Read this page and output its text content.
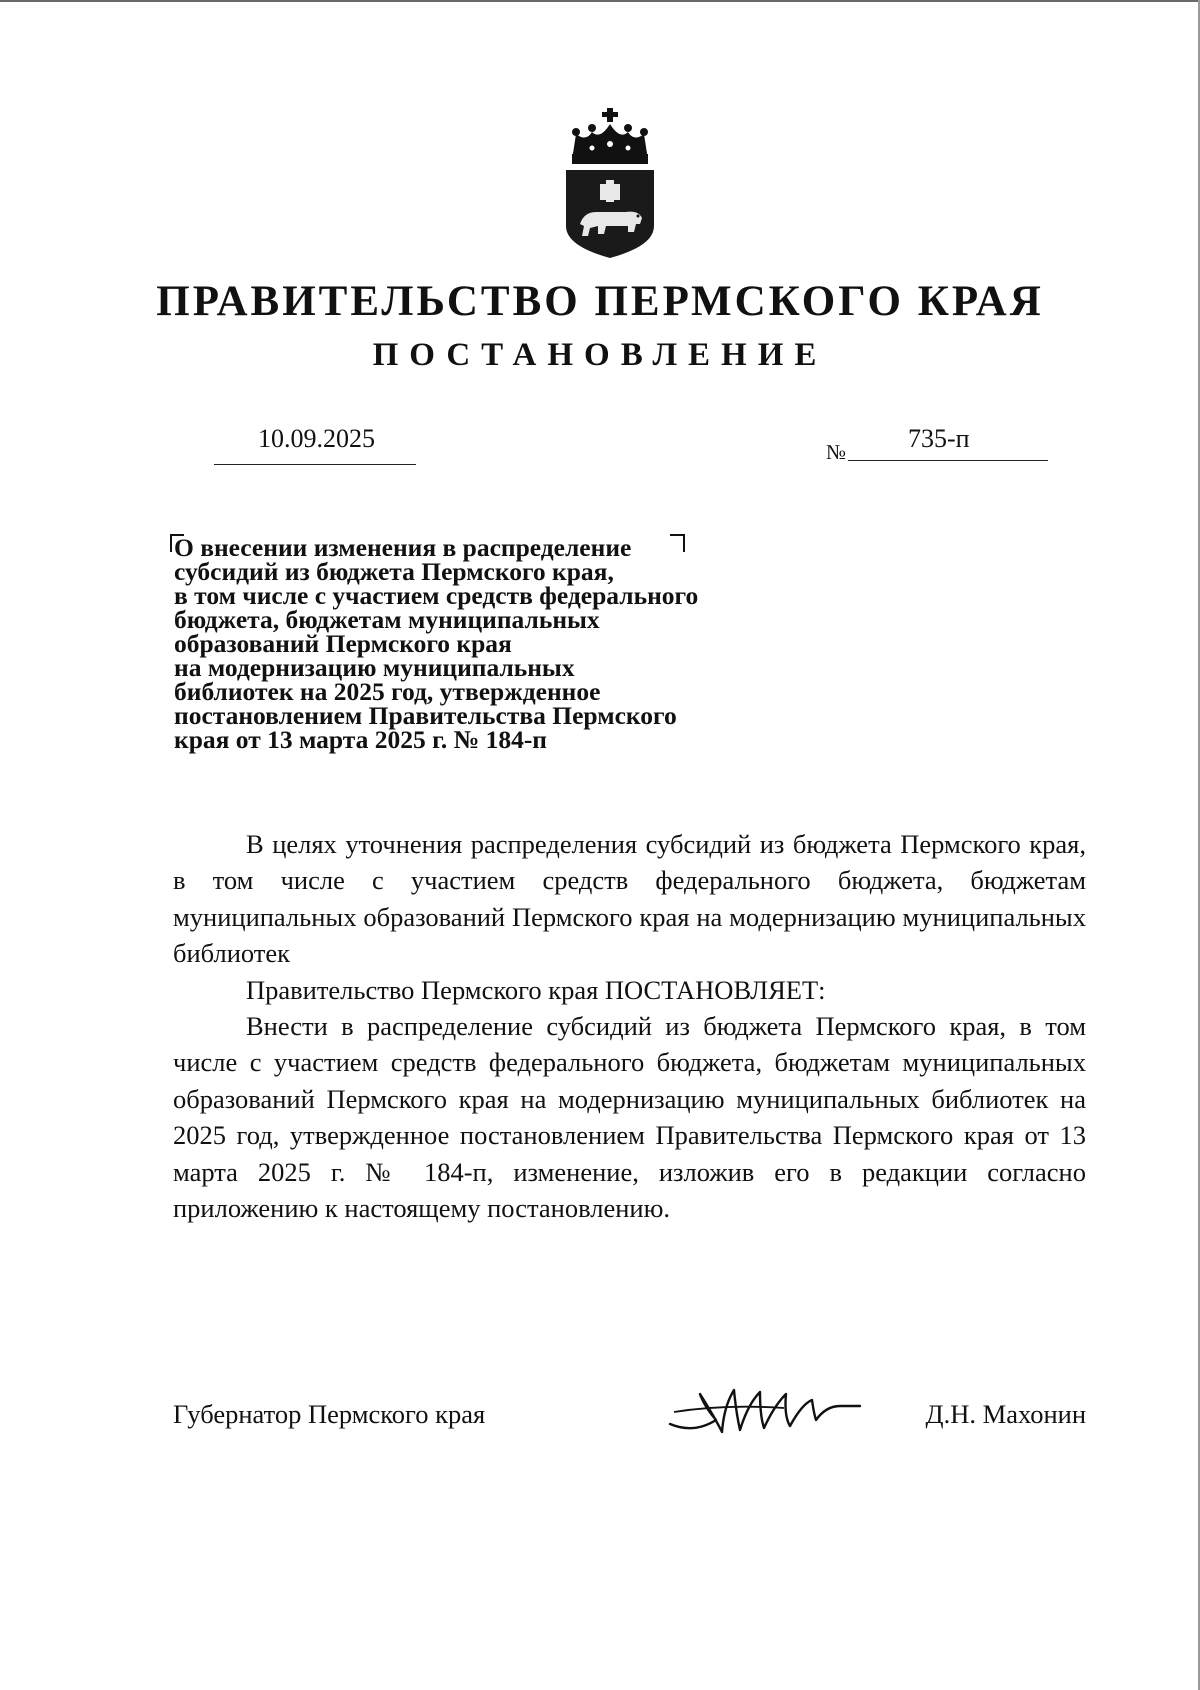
ПРАВИТЕЛЬСТВО ПЕРМСКОГО КРАЯ
ПОСТАНОВЛЕНИЕ
10.09.2025	№ 735-п
О внесении изменения в распределение
субсидий из бюджета Пермского края,
в том числе с участием средств федерального
бюджета, бюджетам муниципальных
образований Пермского края
на модернизацию муниципальных
библиотек на 2025 год, утвержденное
постановлением Правительства Пермского
края от 13 марта 2025 г. № 184-п

В целях уточнения распределения субсидий из бюджета Пермского края, в том числе с участием средств федерального бюджета, бюджетам муниципальных образований Пермского края на модернизацию муниципальных библиотек

Правительство Пермского края ПОСТАНОВЛЯЕТ:

Внести в распределение субсидий из бюджета Пермского края, в том числе с участием средств федерального бюджета, бюджетам муниципальных образований Пермского края на модернизацию муниципальных библиотек на 2025 год, утвержденное постановлением Правительства Пермского края от 13 марта 2025 г. № 184-п, изменение, изложив его в редакции согласно приложению к настоящему постановлению.

Губернатор Пермского края	Д.Н. Махонин
